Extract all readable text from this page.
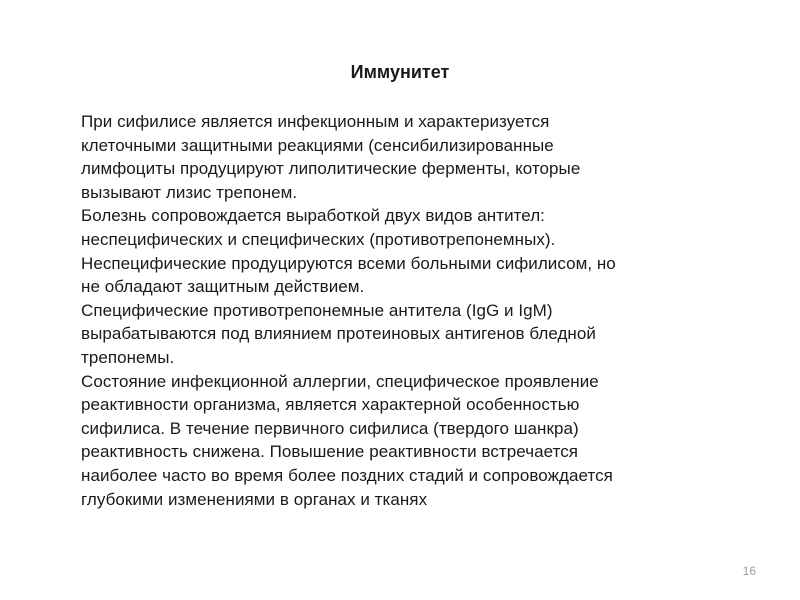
Иммунитет
При сифилисе является инфекционным и характеризуется
клеточными защитными реакциями (сенсибилизированные
лимфоциты продуцируют липолитические ферменты, которые
вызывают лизис трепонем.
Болезнь сопровождается выработкой двух видов антител:
неспецифических и специфических (противотрепонемных).
Неспецифические продуцируются всеми больными сифилисом, но
не обладают защитным действием.
Специфические противотрепонемные антитела (IgG и IgM)
вырабатываются под влиянием протеиновых антигенов бледной
трепонемы.
Состояние инфекционной аллергии, специфическое проявление
реактивности организма, является характерной особенностью
сифилиса. В течение первичного сифилиса (твердого шанкра)
реактивность снижена. Повышение реактивности встречается
наиболее часто во время более поздних стадий и сопровождается
глубокими изменениями в органах и тканях
16
